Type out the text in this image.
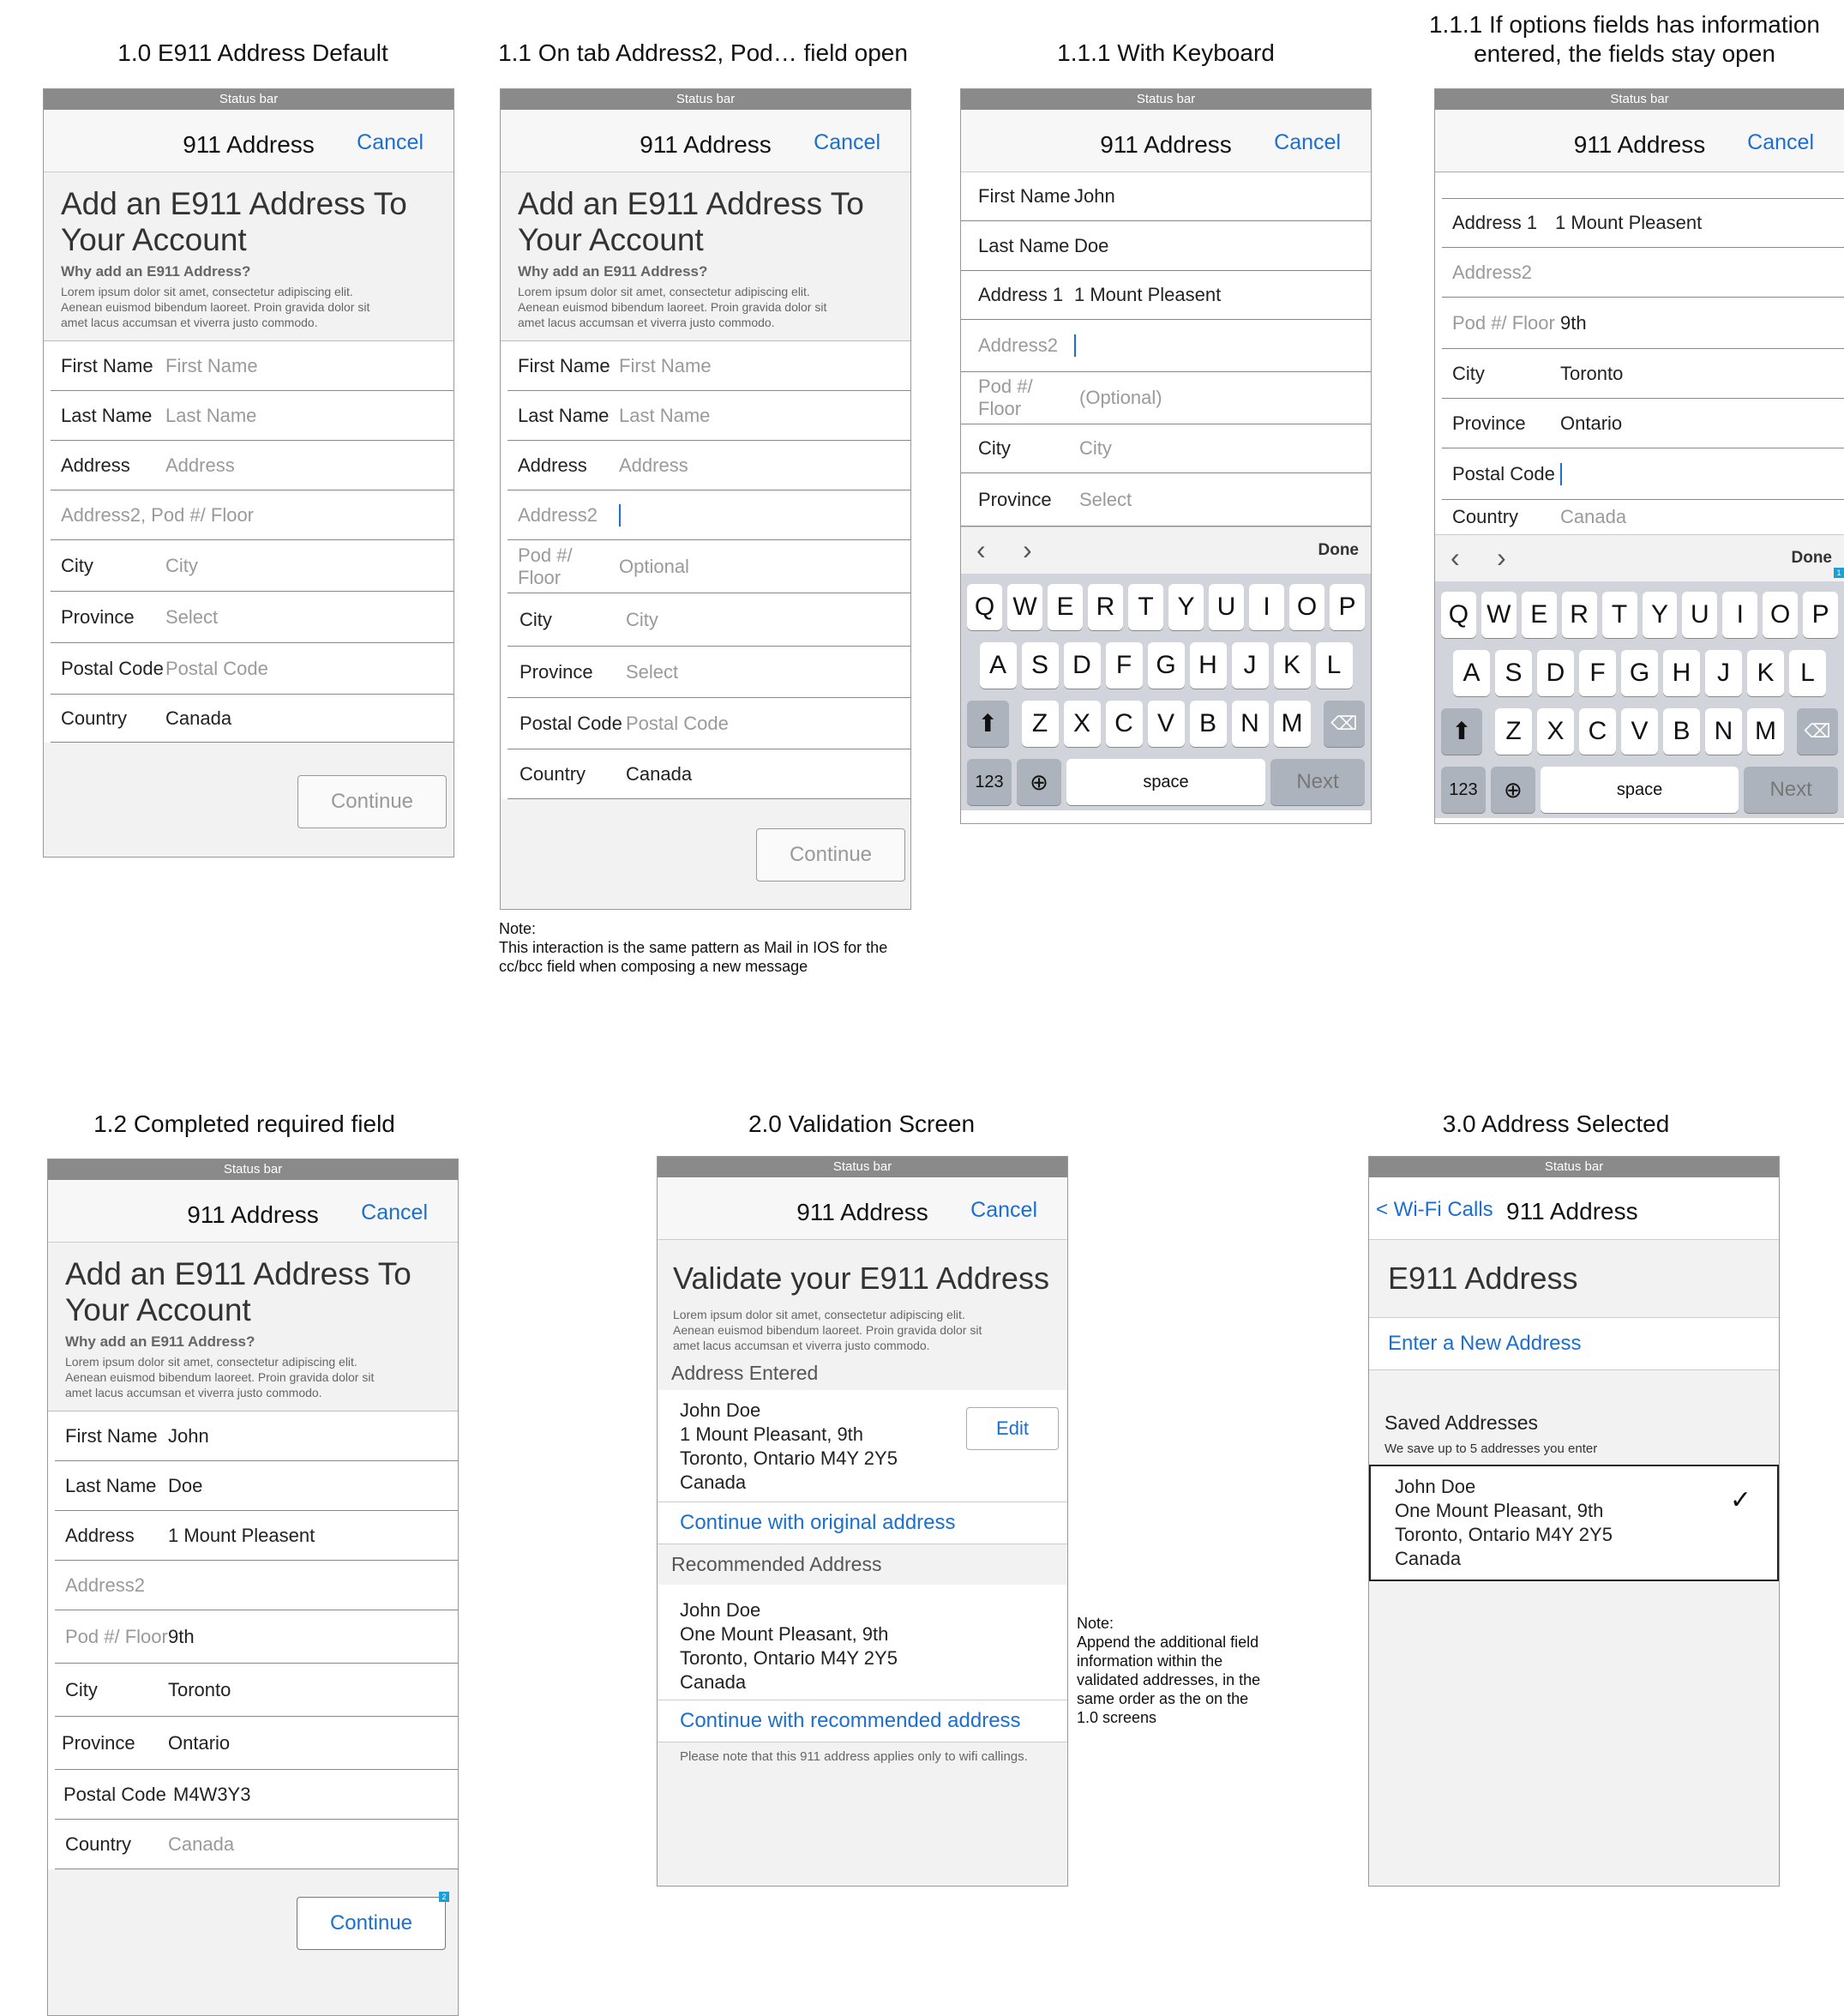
1.0 E911 Address Default	1.1 On tab Address2, Pod… field open	1.1.1 With Keyboard
1.1.1 If options fields has information
entered, the fields stay open
1.2 Completed required field	2.0 Validation Screen	3.0 Address Selected
Status bar
911 Address	Cancel
Add an E911 Address To Your Account
Why add an E911 Address?

Lorem ipsum dolor sit amet, consectetur adipiscing elit.
Aenean euismod bibendum laoreet. Proin gravida dolor sit
amet lacus accumsan et viverra justo commodo.

First Name First Name
Last Name Last Name
Address	Address
Address2, Pod #/ Floor
City	City
Province	Select
Postal Code Postal Code
Country	Canada
Continue
Status bar
911 Address	Cancel
Add an E911 Address To Your Account
Why add an E911 Address?

Lorem ipsum dolor sit amet, consectetur adipiscing elit.
Aenean euismod bibendum laoreet. Proin gravida dolor sit
amet lacus accumsan et viverra justo commodo.

First Name First Name
Last Name Last Name
Address	Address
Address2
Pod #/ Floor
Optional
City	City
Province	Select
Postal Code Postal Code
Country	Canada
Continue
Note:
This interaction is the same pattern as Mail in IOS for the
cc/bcc field when composing a new message
Status bar
911 Address	Cancel
First Name John
Last Name Doe
Address 1 1 Mount Pleasent
Address2
Pod #/ Floor
(Optional)
City	City
Province	Select
‹ ›	Done
Q W E R T Y U	I	O P
A S D F G H	J	K	L
⬆	Z X C V B N M	⌫
123	⊕	space	Next
Status bar
911 Address	Cancel
Address 1 1 Mount Pleasent
Address2
Pod #/ Floor 9th
City	Toronto
Province	Ontario
Postal Code
Country	Canada
‹ ›	Done
1
Q W E R T Y U	I	O P
A S D F G H	J	K	L
⬆	Z X C V B N M	⌫
123	⊕	space	Next
Status bar
911 Address	Cancel
Add an E911 Address To Your Account
Why add an E911 Address?

Lorem ipsum dolor sit amet, consectetur adipiscing elit.
Aenean euismod bibendum laoreet. Proin gravida dolor sit
amet lacus accumsan et viverra justo commodo.

First Name John
Last Name Doe
Address	1 Mount Pleasent
Address2
Pod #/ Floor 9th
City	Toronto
Province	Ontario
Postal Code M4W3Y3
Country	Canada
Continue
2
Status bar
911 Address	Cancel
Validate your E911 Address

Lorem ipsum dolor sit amet, consectetur adipiscing elit.
Aenean euismod bibendum laoreet. Proin gravida dolor sit
amet lacus accumsan et viverra justo commodo.

Address Entered
John Doe
1 Mount Pleasant, 9th
Toronto, Ontario M4Y 2Y5
Canada
Edit
Continue with original address
Recommended Address
John Doe
One Mount Pleasant, 9th
Toronto, Ontario M4Y 2Y5
Canada
Continue with recommended address
Please note that this 911 address applies only to wifi callings.
Note:
Append the additional field
information within the
validated addresses, in the
same order as the on the
1.0 screens
Status bar
< Wi-Fi Calls 911 Address
E911 Address
Enter a New Address
Saved Addresses
We save up to 5 addresses you enter
John Doe
One Mount Pleasant, 9th
Toronto, Ontario M4Y 2Y5
Canada
✓
